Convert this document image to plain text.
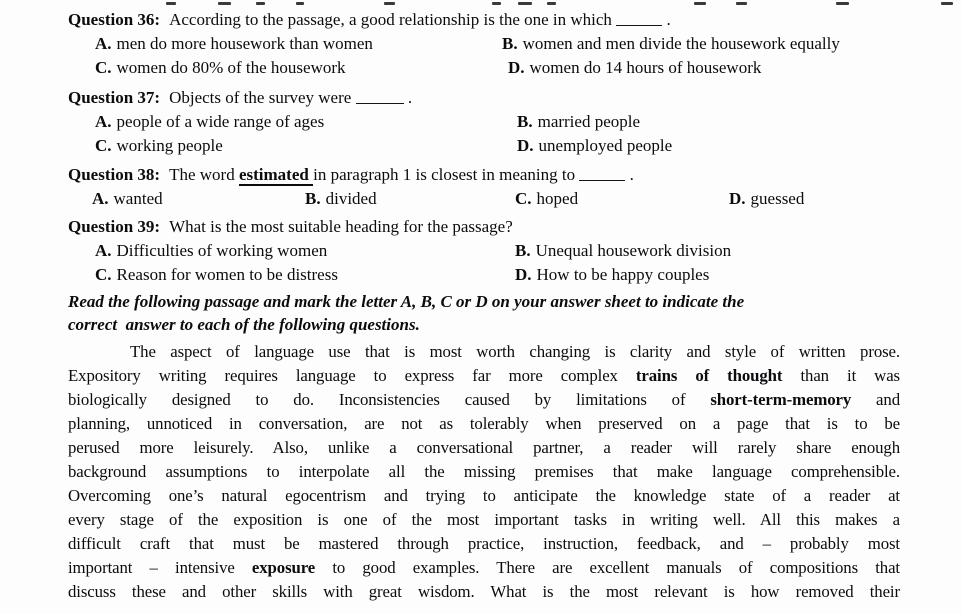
Question 36: According to the passage, a good relationship is the one in which	.
A. men do more housework than women	B. women and men divide the housework equally
C. women do 80% of the housework	D. women do 14 hours of housework
Question 37: Objects of the survey were	.
A. people of a wide range of ages	B. married people
C. working people	D. unemployed people
Question 38: The word estimated in paragraph 1 is closest in meaning to	.
A. wanted	B. divided	C. hoped	D. guessed
Question 39: What is the most suitable heading for the passage?
A. Difficulties of working women	B. Unequal housework division
C. Reason for women to be distress	D. How to be happy couples
Read the following passage and mark the letter A, B, C or D on your answer sheet to indicate the
correct  answer to each of the following questions.
The aspect of language use that is most worth changing is clarity and style of written prose.
Expository writing requires language to express far more complex trains of thought than it was
biologically designed to do. Inconsistencies caused by limitations of short-term-memory and
planning, unnoticed in conversation, are not as tolerably when preserved on a page that is to be
perused more leisurely. Also, unlike a conversational partner, a reader will rarely share enough
background assumptions to interpolate all the missing premises that make language comprehensible.
Overcoming one’s natural egocentrism and trying to anticipate the knowledge state of a reader at
every stage of the exposition is one of the most important tasks in writing well. All this makes a
difficult craft that must be mastered through practice, instruction, feedback, and – probably most
important – intensive exposure to good examples. There are excellent manuals of compositions that
discuss these and other skills with great wisdom. What is the most relevant is how removed their
